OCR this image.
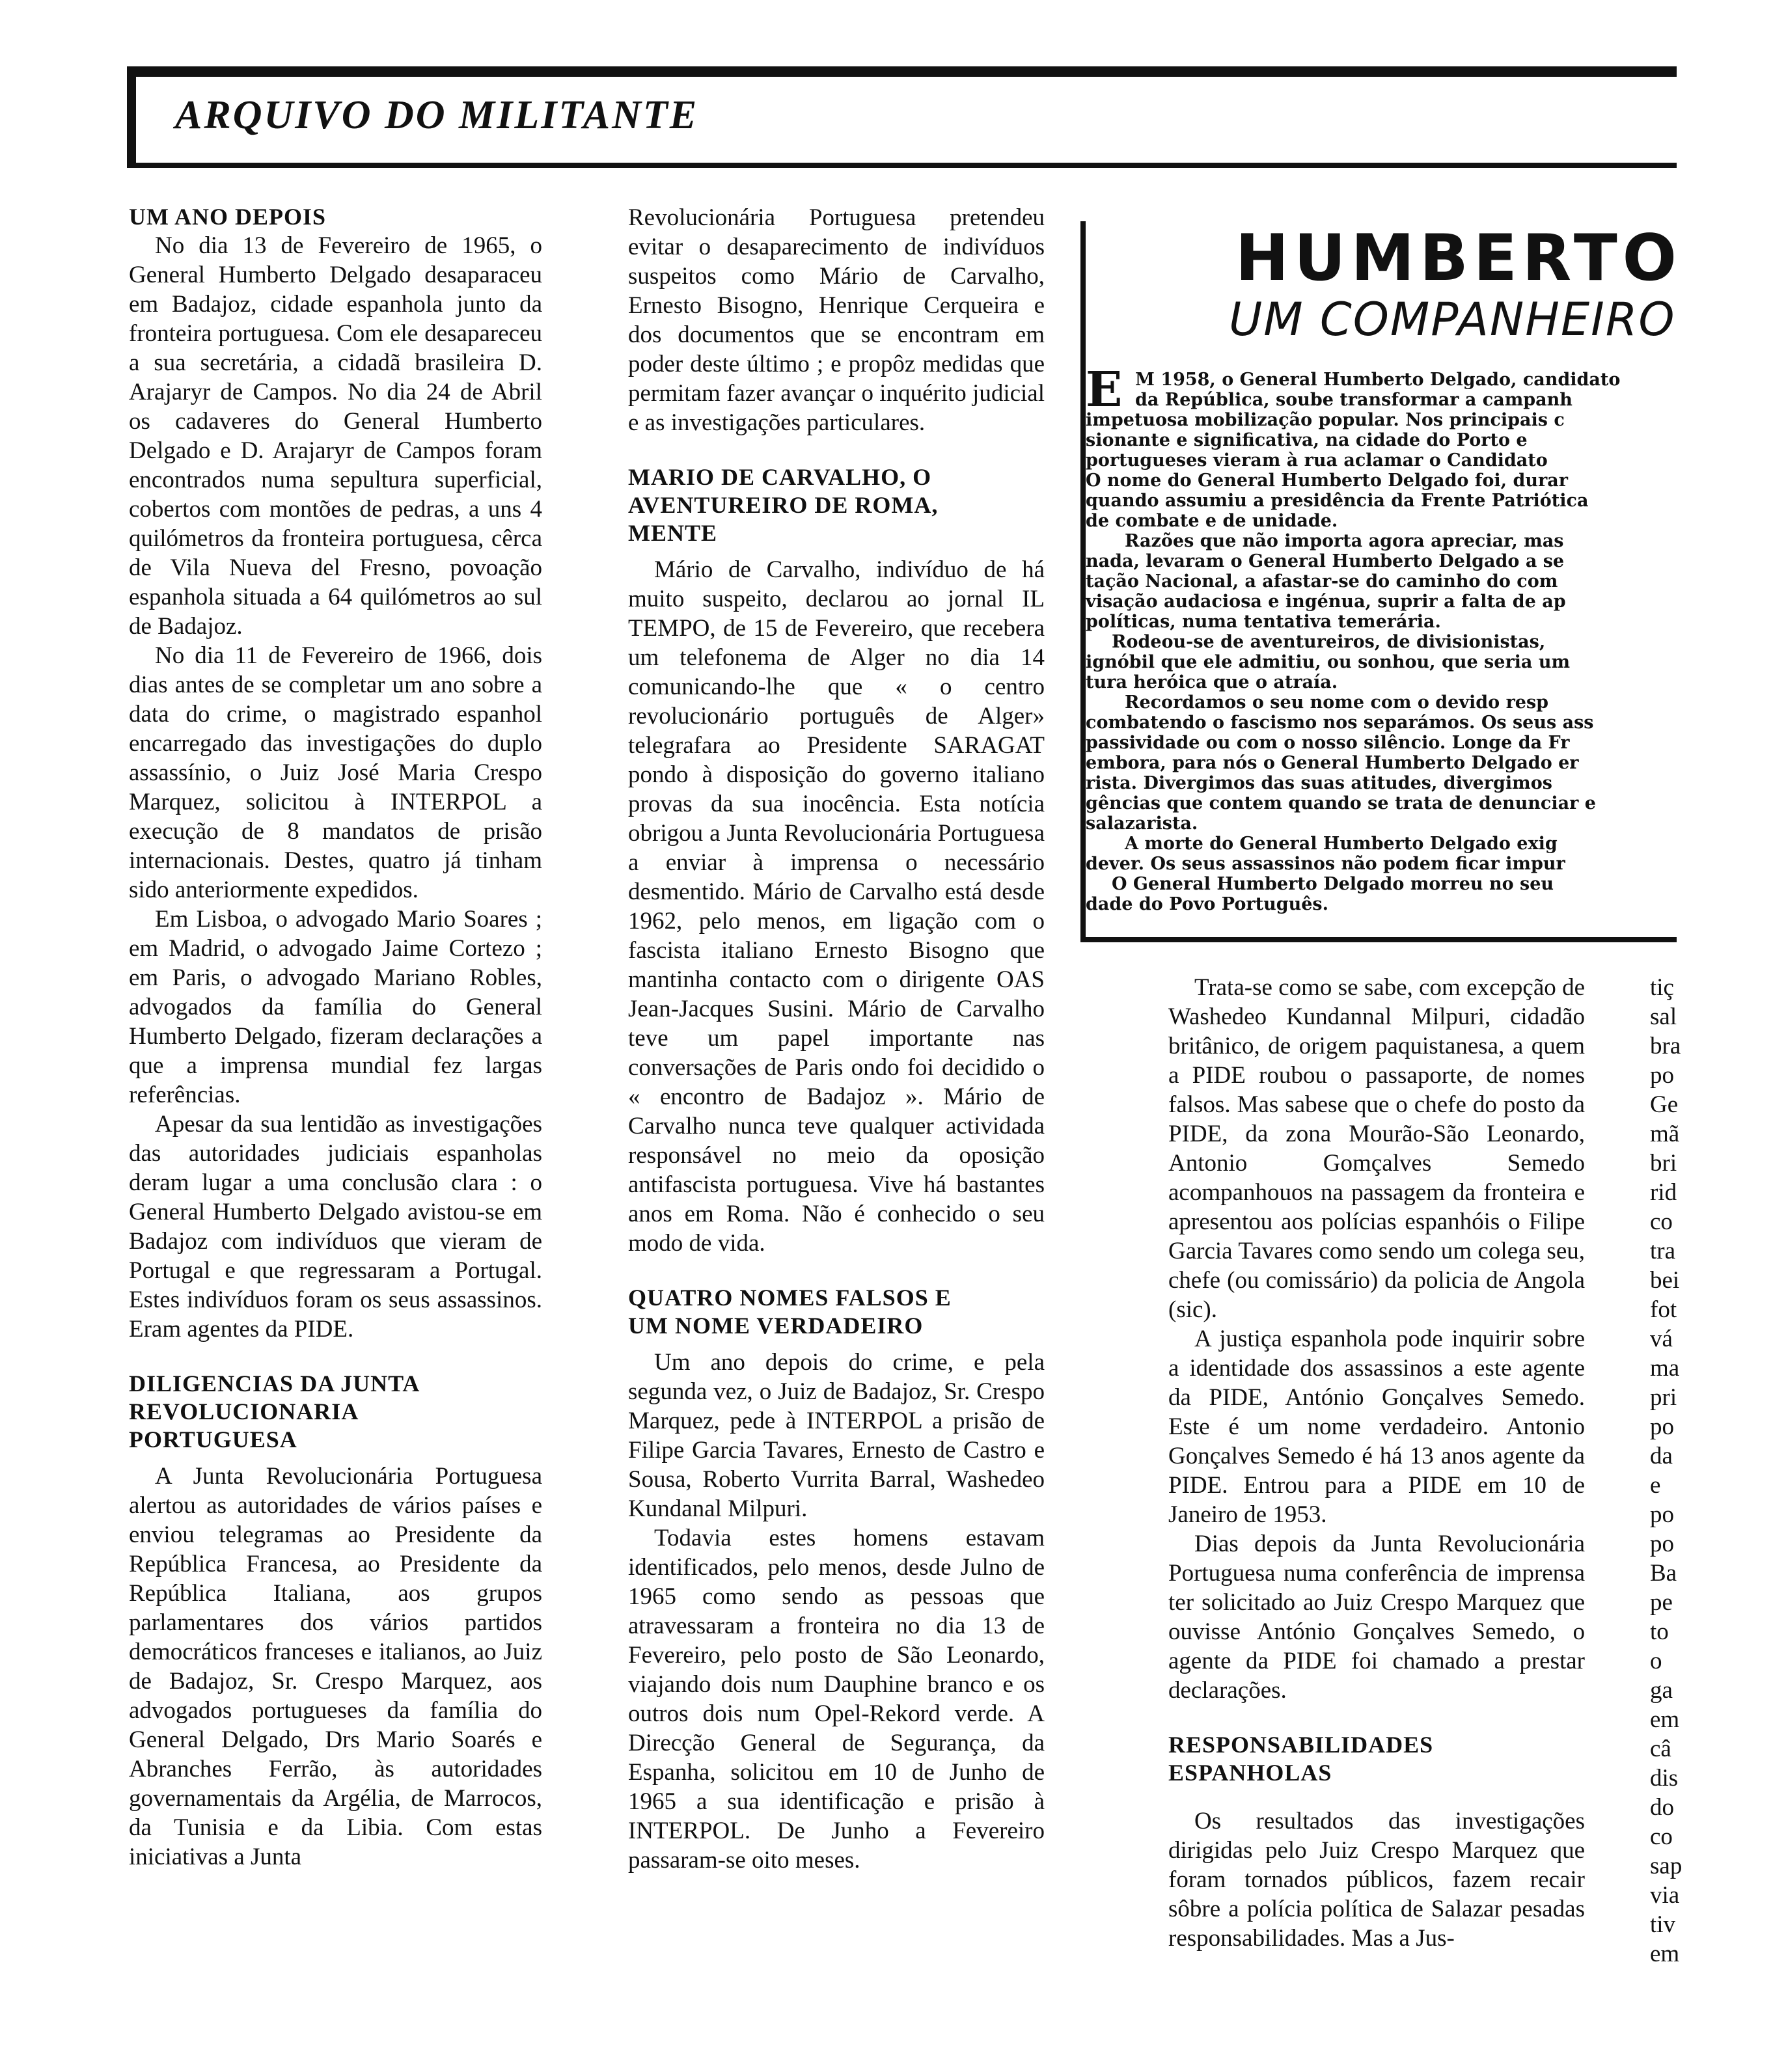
ARQUIVO DO MILITANTE
UM ANO DEPOIS

No dia 13 de Fevereiro de 1965, o General Humberto Delgado desaparaceu em Badajoz, cidade espanhola junto da fronteira portuguesa. Com ele desapareceu a sua secretária, a cidadã brasileira D. Arajaryr de Campos. No dia 24 de Abril os cadaveres do General Humberto Delgado e D. Arajaryr de Campos foram encontrados numa sepultura superficial, cobertos com montões de pedras, a uns 4 quilómetros da fronteira portuguesa, cêrca de Vila Nueva del Fresno, povoação espanhola situada a 64 quilómetros ao sul de Badajoz.

No dia 11 de Fevereiro de 1966, dois dias antes de se completar um ano sobre a data do crime, o magistrado espanhol encarregado das investigações do duplo assassínio, o Juiz José Maria Crespo Marquez, solicitou à INTERPOL a execução de 8 mandatos de prisão internacionais. Destes, quatro já tinham sido anteriormente expedidos.

Em Lisboa, o advogado Mario Soares ; em Madrid, o advogado Jaime Cortezo ; em Paris, o advogado Mariano Robles, advogados da família do General Humberto Delgado, fizeram declarações a que a imprensa mundial fez largas referências.

Apesar da sua lentidão as investigações das autoridades judiciais espanholas deram lugar a uma conclusão clara : o General Humberto Delgado avistou-se em Badajoz com indivíduos que vieram de Portugal e que regressaram a Portugal. Estes indivíduos foram os seus assassinos. Eram agentes da PIDE.

DILIGENCIAS DA JUNTA REVOLUCIONARIA PORTUGUESA

A Junta Revolucionária Portuguesa alertou as autoridades de vários países e enviou telegramas ao Presidente da República Francesa, ao Presidente da República Italiana, aos grupos parlamentares dos vários partidos democráticos franceses e italianos, ao Juiz de Badajoz, Sr. Crespo Marquez, aos advogados portugueses da família do General Delgado, Drs Mario Soarés e Abranches Ferrão, às autoridades governamentais da Argélia, de Marrocos, da Tunisia e da Libia. Com estas iniciativas a Junta

Revolucionária Portuguesa pretendeu evitar o desaparecimento de indivíduos suspeitos como Mário de Carvalho, Ernesto Bisogno, Henrique Cerqueira e dos documentos que se encontram em poder deste último ; e propôz medidas que permitam fazer avançar o inquérito judicial e as investigações particulares.

MARIO DE CARVALHO, O AVENTUREIRO DE ROMA, MENTE

Mário de Carvalho, indivíduo de há muito suspeito, declarou ao jornal IL TEMPO, de 15 de Fevereiro, que recebera um telefonema de Alger no dia 14 comunicando-lhe que « o centro revolucionário português de Alger» telegrafara ao Presidente SARAGAT pondo à disposição do governo italiano provas da sua inocência. Esta notícia obrigou a Junta Revolucionária Portuguesa a enviar à imprensa o necessário desmentido. Mário de Carvalho está desde 1962, pelo menos, em ligação com o fascista italiano Ernesto Bisogno que mantinha contacto com o dirigente OAS Jean-Jacques Susini. Mário de Carvalho teve um papel importante nas conversações de Paris ondo foi decidido o « encontro de Badajoz ». Mário de Carvalho nunca teve qualquer actividada responsável no meio da oposição antifascista portuguesa. Vive há bastantes anos em Roma. Não é conhecido o seu modo de vida.

QUATRO NOMES FALSOS E UM NOME VERDADEIRO

Um ano depois do crime, e pela segunda vez, o Juiz de Badajoz, Sr. Crespo Marquez, pede à INTERPOL a prisão de Filipe Garcia Tavares, Ernesto de Castro e Sousa, Roberto Vurrita Barral, Washedeo Kundanal Milpuri.

Todavia estes homens estavam identificados, pelo menos, desde Julno de 1965 como sendo as pessoas que atravessaram a fronteira no dia 13 de Fevereiro, pelo posto de São Leonardo, viajando dois num Dauphine branco e os outros dois num Opel-Rekord verde. A Direcção General de Segurança, da Espanha, solicitou em 10 de Junho de 1965 a sua identificação e prisão à INTERPOL. De Junho a Fevereiro passaram-se oito meses.

HUMBERTO
UM COMPANHEIRO

E M 1958, o General Humberto Delgado, candidato

da República, soube transformar a campanh

impetuosa mobilização popular. Nos principais c

sionante e significativa, na cidade do Porto e

portugueses vieram à rua aclamar o Candidato

O nome do General Humberto Delgado foi, durar

quando assumiu a presidência da Frente Patriótica

de combate e de unidade.

Razões que não importa agora apreciar, mas

nada, levaram o General Humberto Delgado a se

tação Nacional, a afastar-se do caminho do com

visação audaciosa e ingénua, suprir a falta de ap

políticas, numa tentativa temerária.

Rodeou-se de aventureiros, de divisionistas,

ignóbil que ele admitiu, ou sonhou, que seria um

tura heróica que o atraía.

Recordamos o seu nome com o devido resp

combatendo o fascismo nos separámos. Os seus ass

passividade ou com o nosso silêncio. Longe da Fr

embora, para nós o General Humberto Delgado er

rista. Divergimos das suas atitudes, divergimos

gências que contem quando se trata de denunciar e

salazarista.

A morte do General Humberto Delgado exig

dever. Os seus assassinos não podem ficar impur

O General Humberto Delgado morreu no seu

dade do Povo Português.

Trata-se como se sabe, com excepção de Washedeo Kundannal Milpuri, cidadão britânico, de origem paquistanesa, a quem a PIDE roubou o passaporte, de nomes falsos. Mas sabese que o chefe do posto da PIDE, da zona Mourão-São Leonardo, Antonio Gomçalves Semedo acompanhouos na passagem da fronteira e apresentou aos polícias espanhóis o Filipe Garcia Tavares como sendo um colega seu, chefe (ou comissário) da policia de Angola (sic).

A justiça espanhola pode inquirir sobre a identidade dos assassinos a este agente da PIDE, António Gonçalves Semedo. Este é um nome verdadeiro. Antonio Gonçalves Semedo é há 13 anos agente da PIDE. Entrou para a PIDE em 10 de Janeiro de 1953.

Dias depois da Junta Revolucionária Portuguesa numa conferência de imprensa ter solicitado ao Juiz Crespo Marquez que ouvisse António Gonçalves Semedo, o agente da PIDE foi chamado a prestar declarações.

RESPONSABILIDADES ESPANHOLAS

Os resultados das investigações dirigidas pelo Juiz Crespo Marquez que foram tornados públicos, fazem recair sôbre a polícia política de Salazar pesadas responsabilidades. Mas a Jus-

tiç
sal
bra
po
Ge
mã
bri
rid
co
tra
bei
fot
vá
ma
pri
po
da
e
po
po
Ba
pe
to
o
ga
em
câ
dis
do
co
sap
via
tiv
em
